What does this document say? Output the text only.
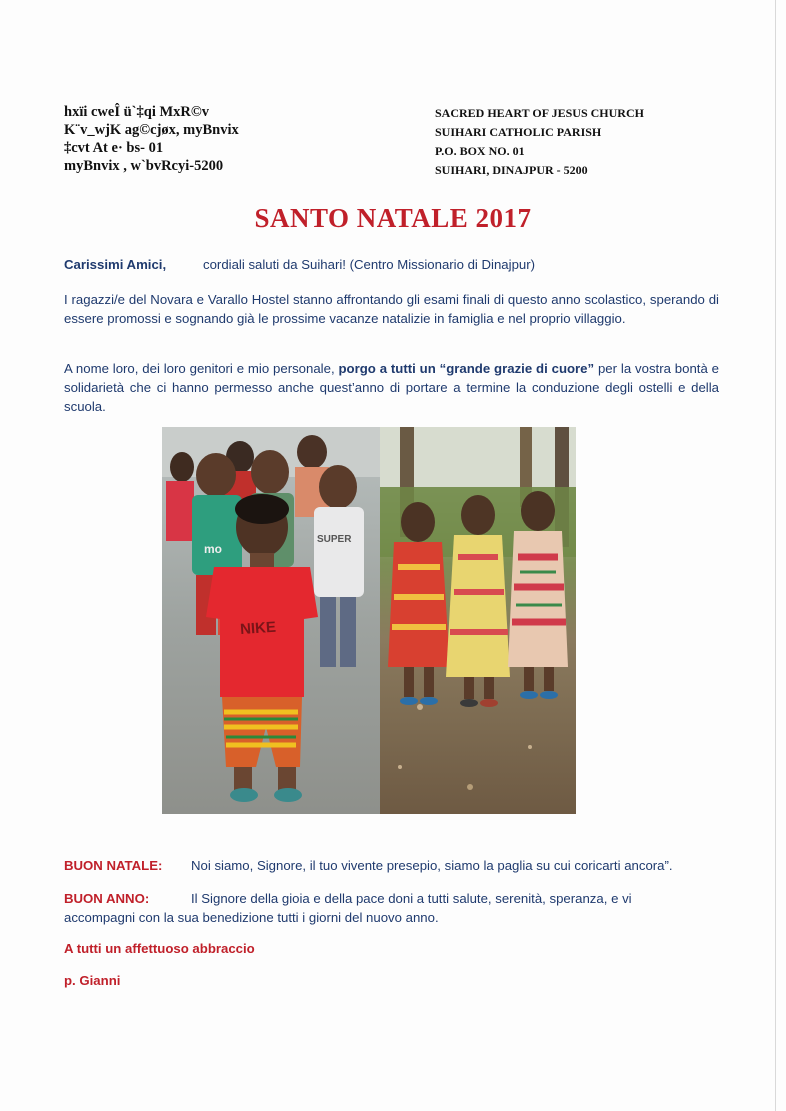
hxïi cweÎ ü`‡qi MxR©v
K¨v_wjK ag©cjøx, myBnvix
‡cvt At e· bs- 01
myBnvix , w`bvRcyi-5200
SACRED HEART OF JESUS CHURCH
SUIHARI CATHOLIC PARISH
P.O. BOX NO. 01
SUIHARI, DINAJPUR - 5200
SANTO NATALE 2017
Carissimi Amici,	cordiali saluti da Suihari! (Centro Missionario di Dinajpur)
I ragazzi/e del Novara e Varallo Hostel stanno affrontando gli esami finali di questo anno scolastico, sperando di essere promossi e sognando già le prossime vacanze natalizie in famiglia e nel proprio villaggio.
A nome loro, dei loro genitori e mio personale, porgo a tutti un “grande grazie di cuore” per la vostra bontà e solidarietà che ci hanno permesso anche quest’anno di portare a termine la conduzione degli ostelli e della scuola.
mo
SUPER
NIKE
BUON NATALE: Noi siamo, Signore, il tuo vivente presepio, siamo la paglia su cui coricarti ancora”.
BUON ANNO:	Il Signore della gioia e della pace doni a tutti salute, serenità, speranza, e vi
accompagni con la sua benedizione tutti i giorni del nuovo anno.
A tutti un affettuoso abbraccio
p. Gianni
